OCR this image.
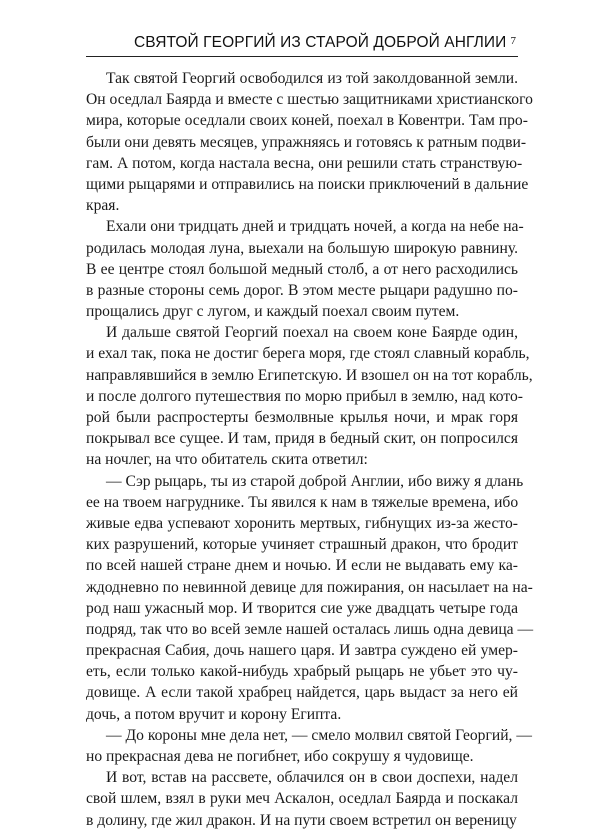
СВЯТОЙ ГЕОРГИЙ ИЗ СТАРОЙ ДОБРОЙ АНГЛИИ 7
Так святой Георгий освободился из той заколдованной земли.
Он оседлал Баярда и вместе с шестью защитниками христианского
мира, которые оседлали своих коней, поехал в Ковентри. Там про-
были они девять месяцев, упражняясь и готовясь к ратным подви-
гам. А потом, когда настала весна, они решили стать странствую-
щими рыцарями и отправились на поиски приключений в дальние
края.
Ехали они тридцать дней и тридцать ночей, а когда на небе на-
родилась молодая луна, выехали на большую широкую равнину.
В ее центре стоял большой медный столб, а от него расходились
в разные стороны семь дорог. В этом месте рыцари радушно по-
прощались друг с лугом, и каждый поехал своим путем.
И дальше святой Георгий поехал на своем коне Баярде один,
и ехал так, пока не достиг берега моря, где стоял славный корабль,
направлявшийся в землю Египетскую. И взошел он на тот корабль,
и после долгого путешествия по морю прибыл в землю, над кото-
рой были распростерты безмолвные крылья ночи, и мрак горя
покрывал все сущее. И там, придя в бедный скит, он попросился
на ночлег, на что обитатель скита ответил:
— Сэр рыцарь, ты из старой доброй Англии, ибо вижу я длань
ее на твоем нагруднике. Ты явился к нам в тяжелые времена, ибо
живые едва успевают хоронить мертвых, гибнущих из-за жесто-
ких разрушений, которые учиняет страшный дракон, что бродит
по всей нашей стране днем и ночью. И если не выдавать ему ка-
ждодневно по невинной девице для пожирания, он насылает на на-
род наш ужасный мор. И творится сие уже двадцать четыре года
подряд, так что во всей земле нашей осталась лишь одна девица —
прекрасная Сабия, дочь нашего царя. И завтра суждено ей умер-
еть, если только какой-нибудь храбрый рыцарь не убьет это чу-
довище. А если такой храбрец найдется, царь выдаст за него ей
дочь, а потом вручит и корону Египта.
— До короны мне дела нет, — смело молвил святой Георгий, —
но прекрасная дева не погибнет, ибо сокрушу я чудовище.
И вот, встав на рассвете, облачился он в свои доспехи, надел
свой шлем, взял в руки меч Аскалон, оседлал Баярда и поскакал
в долину, где жил дракон. И на пути своем встретил он вереницу
